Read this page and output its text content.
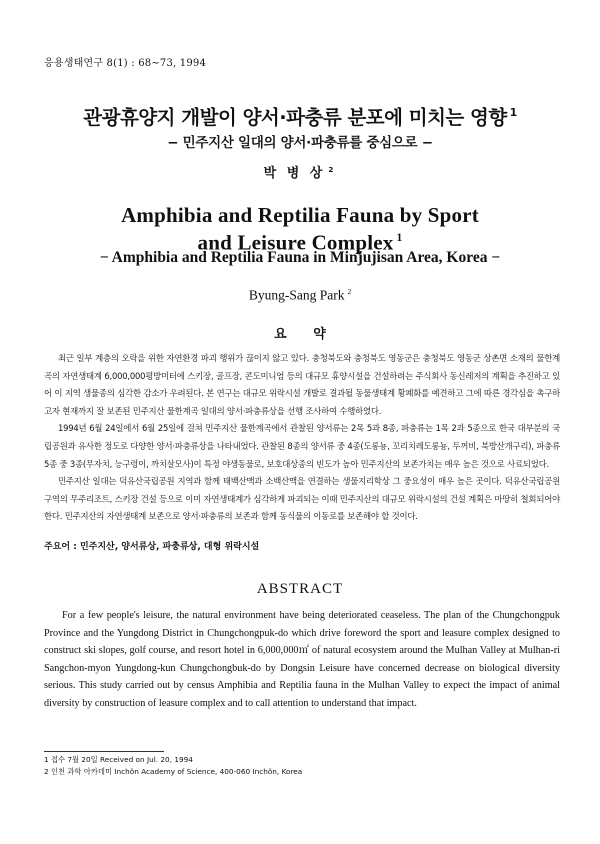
응용생태연구 8(1) : 68∼73, 1994
관광휴양지 개발이 양서·파충류 분포에 미치는 영향 $^1$
− 민주지산 일대의 양서·파충류를 중심으로 −
박 병 상 $^2$
Amphibia and Reptilia Fauna by Sport
and Leisure Complex $^1$
− Amphibia and Reptilia Fauna in Minjujisan Area, Korea −
Byung-Sang Park $^2$
요 약

최근 일부 계층의 오락을 위한 자연환경 파괴 행위가 끊이지 않고 있다. 충청북도와 충청북도 영동군은 충청북도 영동군 상촌면 소재의 물한계곡의 자연생태계 6,000,000평방미터에 스키장, 골프장, 콘도미니엄 등의 대규모 휴양시설을 건설하려는 주식회사 동신레저의 계획을 추진하고 있어 이 지역 생물종의 심각한 감소가 우려된다. 본 연구는 대규모 위락시설 개발로 결과될 동물생태계 황폐화를 예견하고 그에 따른 경각심을 촉구하고자 현재까지 잘 보존된 민주지산 물한계곡 일대의 양서·파충류상을 선행 조사하여 수행하였다.

1994년 6월 24일에서 6월 25일에 걸쳐 민주지산 물한계곡에서 관찰된 양서류는 2목 5과 8종, 파충류는 1목 2과 5종으로 한국 대부분의 국립공원과 유사한 정도로 다양한 양서·파충류상을 나타내었다. 관찰된 8종의 양서류 중 4종(도롱뇽, 꼬리치레도롱뇽, 두꺼비, 북방산개구리), 파충류 5종 중 3종(무자치, 능구렁이, 까치살모사)이 특정 야생동물로, 보호대상종의 빈도가 높아 민주지산의 보존가치는 매우 높은 것으로 사료되었다.

민주지산 일대는 덕유산국립공원 지역과 함께 태백산맥과 소백산맥을 연결하는 생물지리학상 그 중요성이 매우 높은 곳이다. 덕유산국립공원 구역의 무주리조트, 스키장 건설 등으로 이미 자연생태계가 심각하게 파괴되는 이때 민주지산의 대규모 위락시설의 건설 계획은 마땅히 철회되어야 한다. 민주지산의 자연생태계 보존으로 양서·파충류의 보존과 함께 동식물의 이동로를 보존해야 할 것이다.

주요어 : 민주지산, 양서류상, 파충류상, 대형 위락시설
ABSTRACT

For a few people's leisure, the natural environment have being deteriorated ceaseless. The plan of the Chungchongpuk Province and the Yungdong District in Chungchongpuk-do which drive foreword the sport and leasure complex designed to construct ski slopes, golf course, and resort hotel in 6,000,000㎡ of natural ecosystem around the Mulhan Valley at Mulhan-ri Sangchon-myon Yungdong-kun Chungchongbuk-do by Dongsin Leisure have concerned decrease on biological diversity serious. This study carried out by census Amphibia and Reptilia fauna in the Mulhan Valley to expect the impact of animal diversity by construction of leasure complex and to call attention to understand that impact.

1 접수 7월 20일 Received on Jul. 20, 1994
2 인천 과학 아카데미 Inchŏn Academy of Science, 400-060 Inchŏn, Korea
